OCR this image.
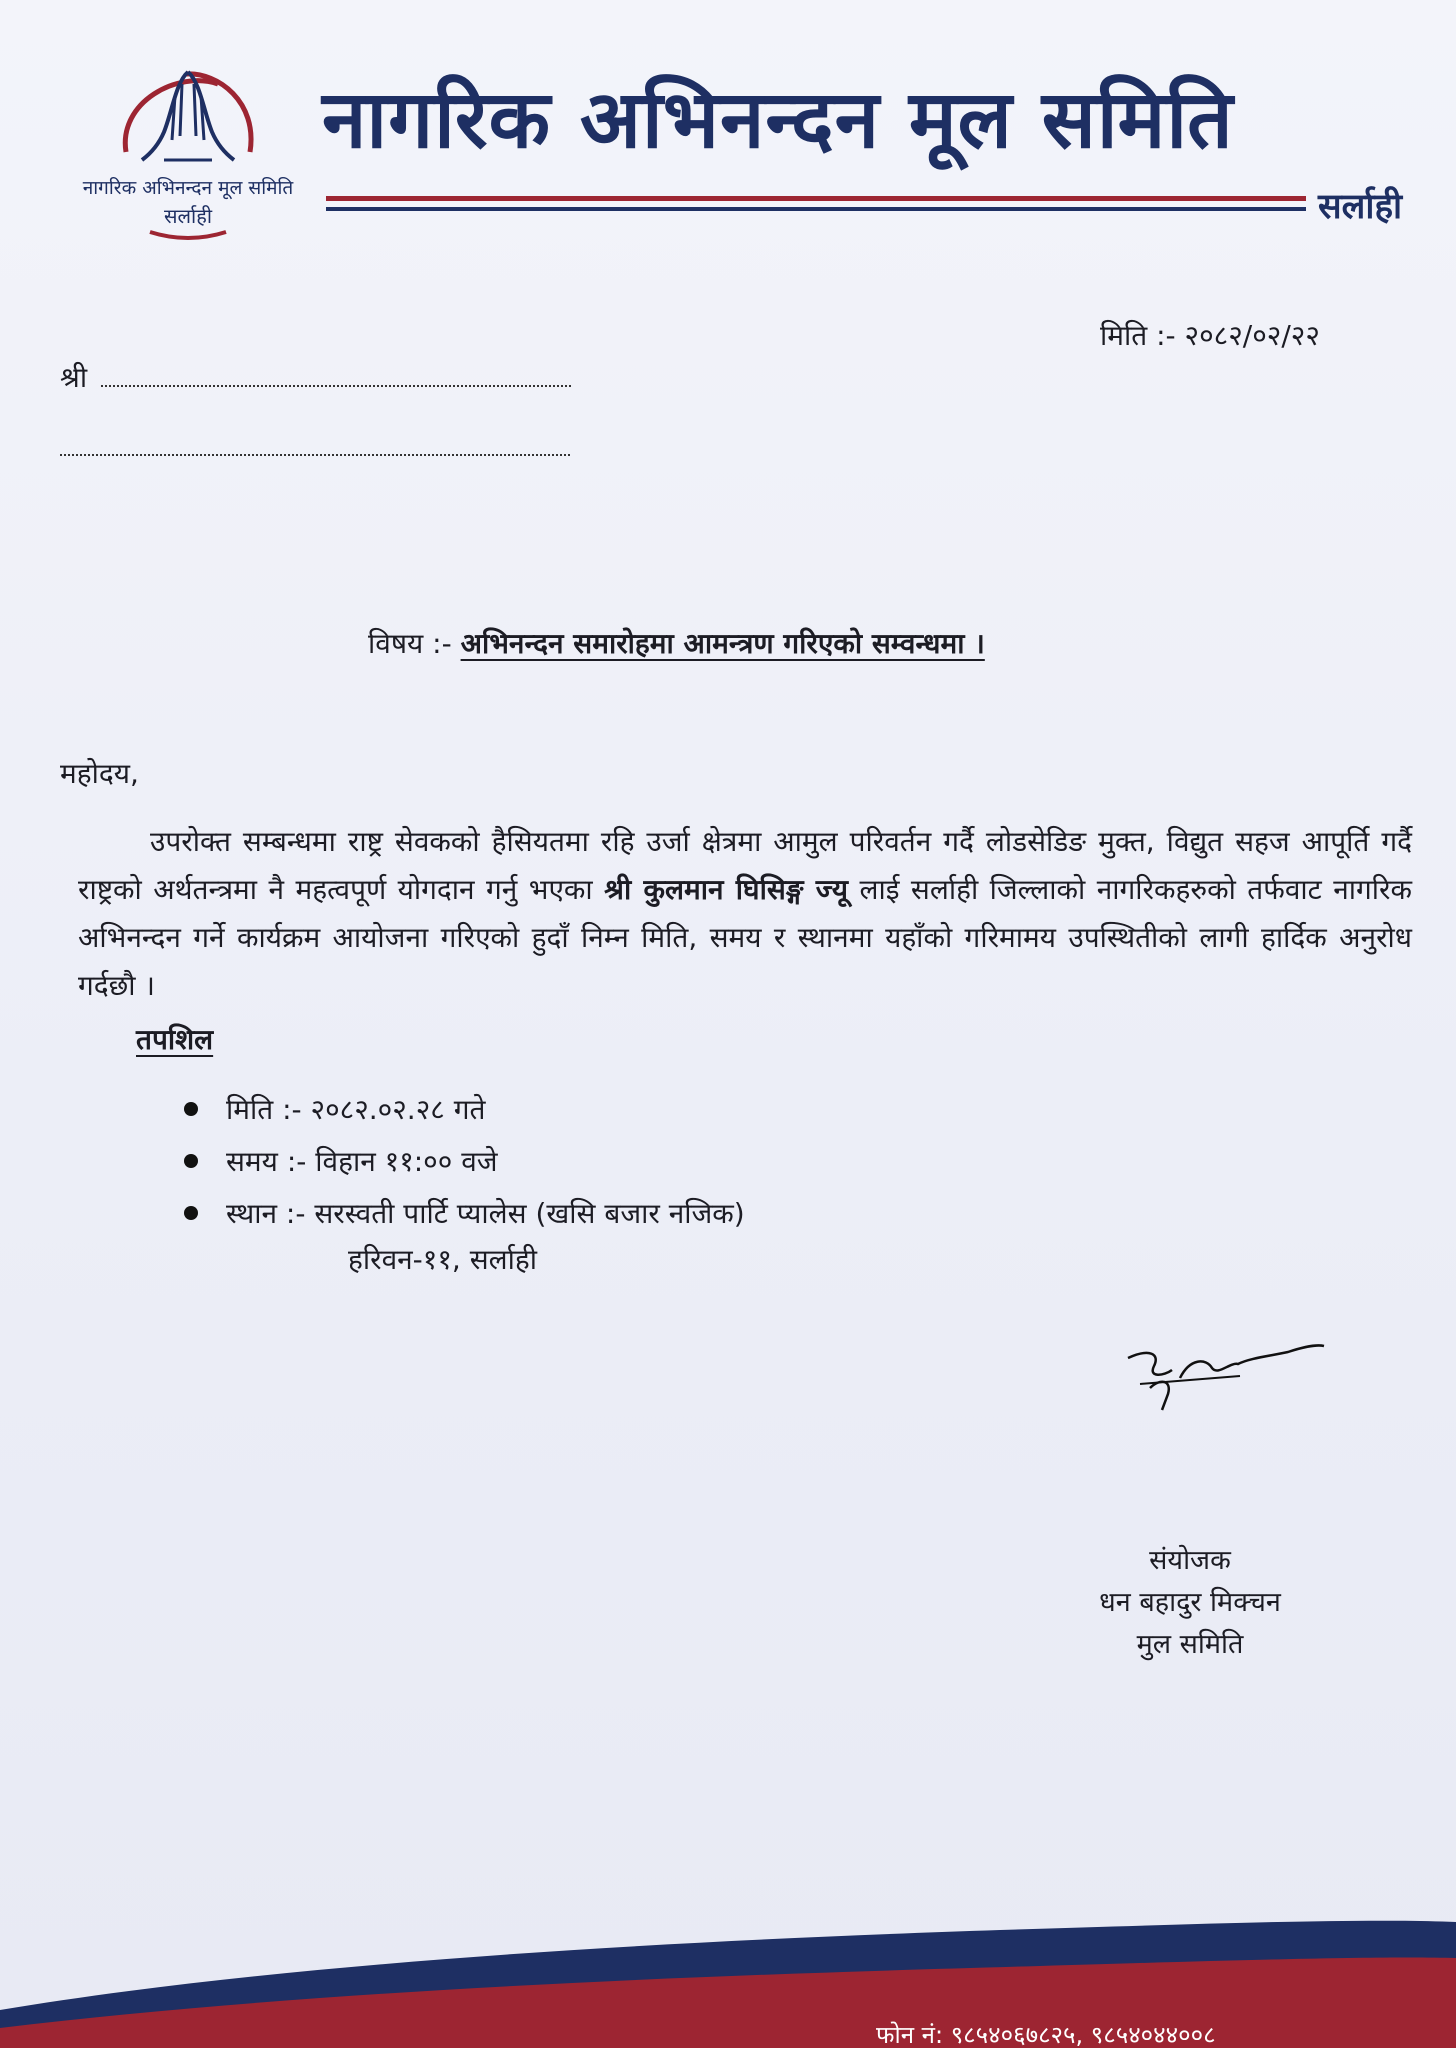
नागरिक अभिनन्दन मूल समिति
सर्लाही
नागरिक अभिनन्दन मूल समिति
सर्लाही
मिति :- २०८२/०२/२२
श्री
विषय :- अभिनन्दन समारोहमा आमन्त्रण गरिएको सम्वन्धमा ।
महोदय,
उपरोक्त सम्बन्धमा राष्ट्र सेवकको हैसियतमा रहि उर्जा क्षेत्रमा आमुल परिवर्तन गर्दै लोडसेडिङ मुक्त, विद्युत सहज आपूर्ति गर्दै राष्ट्रको अर्थतन्त्रमा नै महत्वपूर्ण योगदान गर्नु भएका श्री कुलमान घिसिङ्ग ज्यू लाई सर्लाही जिल्लाको नागरिकहरुको तर्फवाट नागरिक अभिनन्दन गर्ने कार्यक्रम आयोजना गरिएको हुदाँ निम्न मिति, समय र स्थानमा यहाँको गरिमामय उपस्थितीको लागी हार्दिक अनुरोध गर्दछौ ।
तपशिल
मिति :- २०८२.०२.२८ गते
समय :- विहान ११:०० वजे
स्थान :- सरस्वती पार्टि प्यालेस (खसि बजार नजिक)
हरिवन-११, सर्लाही
संयोजक
धन बहादुर मिक्चन
मुल समिति
फोन नं: ९८५४०६७८२५, ९८५४०४४००८
